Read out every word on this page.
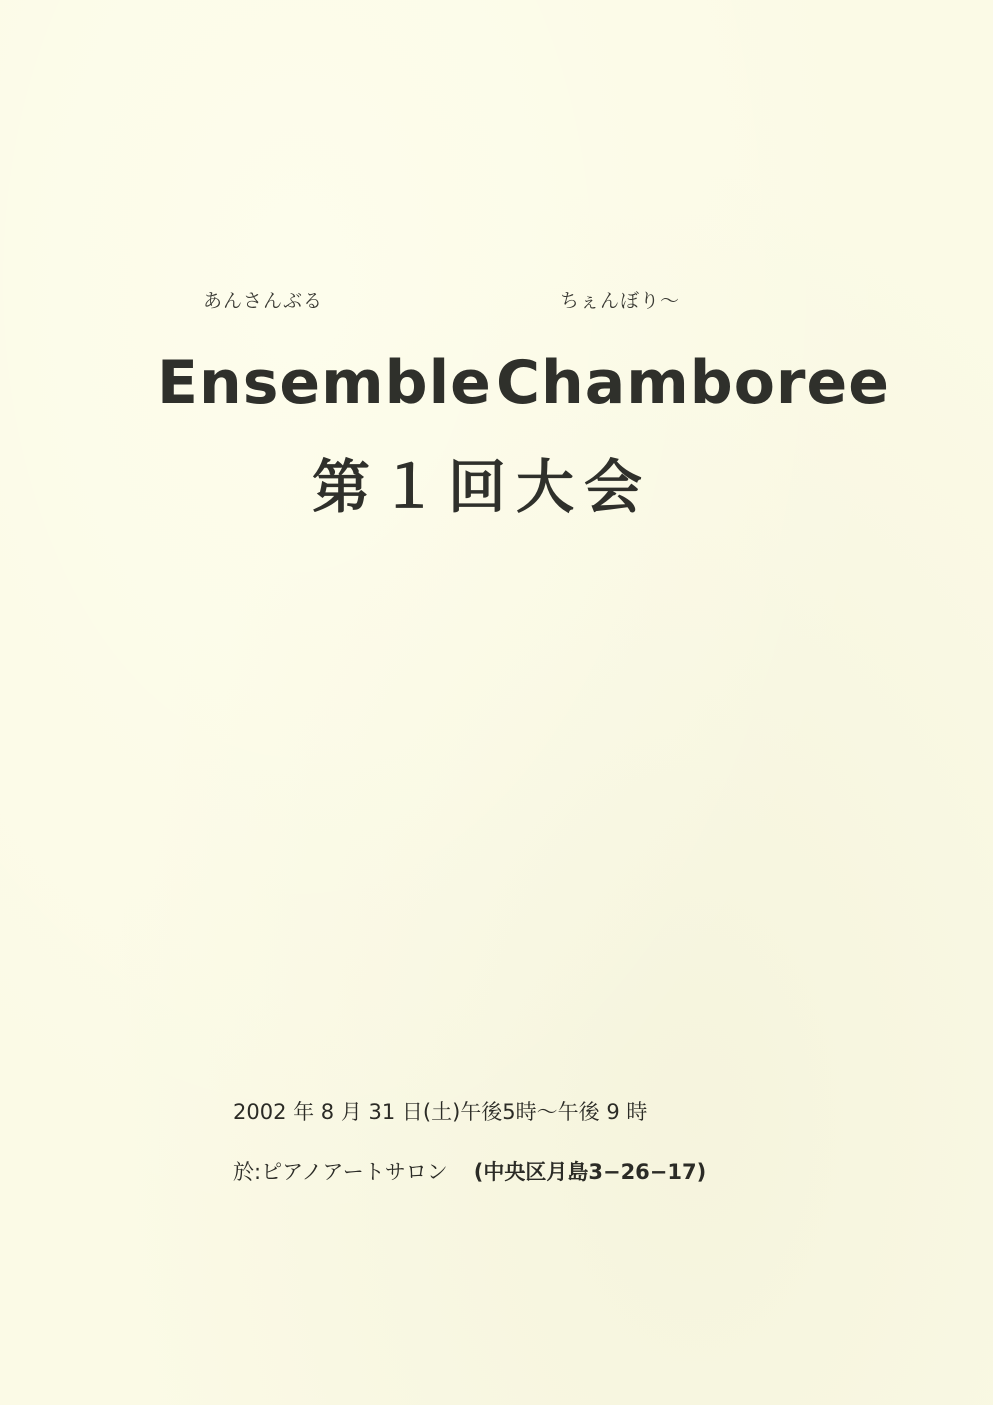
あんさんぶる	ちぇんぼり〜
Ensemble Chamboree
第１回大会
2002 年 8 月 31 日(土)午後5時〜午後 9 時
於:ピアノアートサロン (中央区月島3−26−17)
